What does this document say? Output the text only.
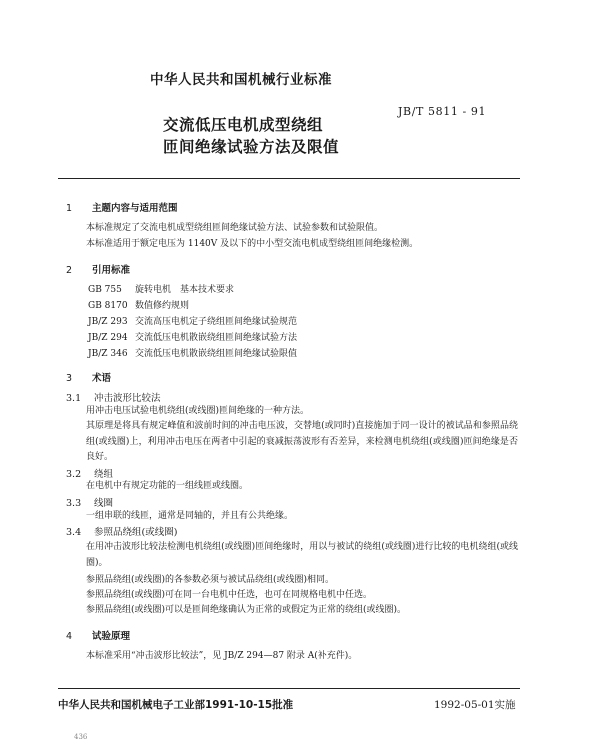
中华人民共和国机械行业标准
JB/T 5811 - 91
交流低压电机成型绕组
匝间绝缘试验方法及限值
1 主题内容与适用范围
本标准规定了交流电机成型绕组匝间绝缘试验方法、试验参数和试验限值。
本标准适用于额定电压为 1140V 及以下的中小型交流电机成型绕组匝间绝缘检测。
2 引用标准
GB 755 旋转电机　基本技术要求
GB 8170 数值修约规则
JB/Z 293 交流高压电机定子绕组匝间绝缘试验规范
JB/Z 294 交流低压电机散嵌绕组匝间绝缘试验方法
JB/Z 346 交流低压电机散嵌绕组匝间绝缘试验限值
3 术语
3.1 冲击波形比较法
用冲击电压试验电机绕组(或线圈)匝间绝缘的一种方法。
其原理是将具有规定峰值和波前时间的冲击电压波，交替地(或同时)直接施加于同一设计的被试品和参照品绕组(或线圈)上，利用冲击电压在两者中引起的衰减振荡波形有否差异，来检测电机绕组(或线圈)匝间绝缘是否良好。
3.2 绕组
在电机中有规定功能的一组线匝或线圈。
3.3 线圈
一组串联的线匝，通常是同轴的，并且有公共绝缘。
3.4 参照品绕组(或线圈)
在用冲击波形比较法检测电机绕组(或线圈)匝间绝缘时，用以与被试的绕组(或线圈)进行比较的电机绕组(或线圈)。
参照品绕组(或线圈)的各参数必须与被试品绕组(或线圈)相同。
参照品绕组(或线圈)可在同一台电机中任选，也可在同规格电机中任选。
参照品绕组(或线圈)可以是匝间绝缘确认为正常的或假定为正常的绕组(或线圈)。
4 试验原理
本标准采用“冲击波形比较法”，见 JB/Z 294—87 附录 A(补充件)。
中华人民共和国机械电子工业部1991-10-15批准	1992-05-01实施
436
